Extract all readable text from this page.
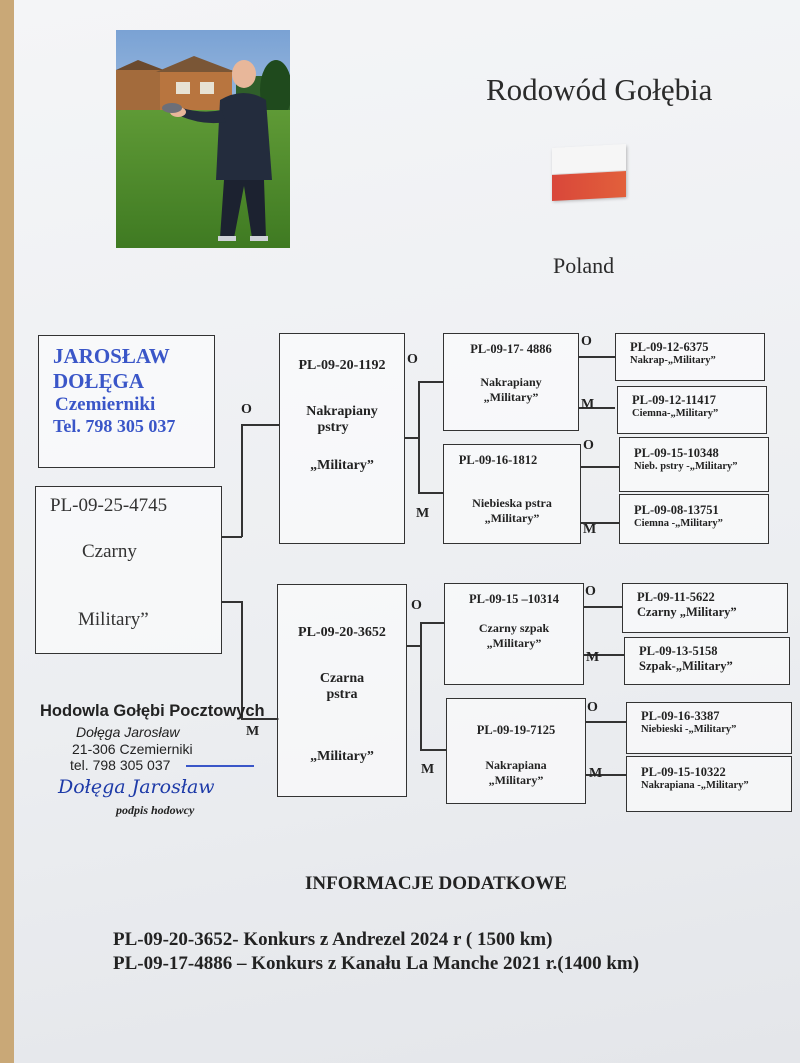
Rodowód Gołębia
Poland
JAROSŁAW
DOŁĘGA
Czemierniki
Tel. 798 305 037
PL-09-25-4745
Czarny
Military”
O
M
PL-09-20-1192
Nakrapiany
pstry
„Military”
PL-09-20-3652
Czarna
pstra
„Military”
O
M
PL-09-17- 4886
Nakrapiany
„Military”
PL-09-16-1812
Niebieska pstra
„Military”
O
M
O
M
PL-09-12-6375
Nakrap-„Military”
PL-09-12-11417
Ciemna-„Military”
PL-09-15-10348
Nieb. pstry -„Military”
PL-09-08-13751
Ciemna -„Military”
O
M
PL-09-15 –10314
Czarny szpak
„Military”
PL-09-19-7125
Nakrapiana
„Military”
O
M
O
M
PL-09-11-5622
Czarny „Military”
PL-09-13-5158
Szpak-„Military”
PL-09-16-3387
Niebieski -„Military”
PL-09-15-10322
Nakrapiana -„Military”
Hodowla Gołębi Pocztowych
Dołęga Jarosław
21-306 Czemierniki
tel. 798 305 037
Dołęga Jarosław
podpis hodowcy
INFORMACJE DODATKOWE
PL-09-20-3652- Konkurs z Andrezel 2024 r ( 1500 km)
PL-09-17-4886 – Konkurs z Kanału La Manche 2021 r.(1400 km)
